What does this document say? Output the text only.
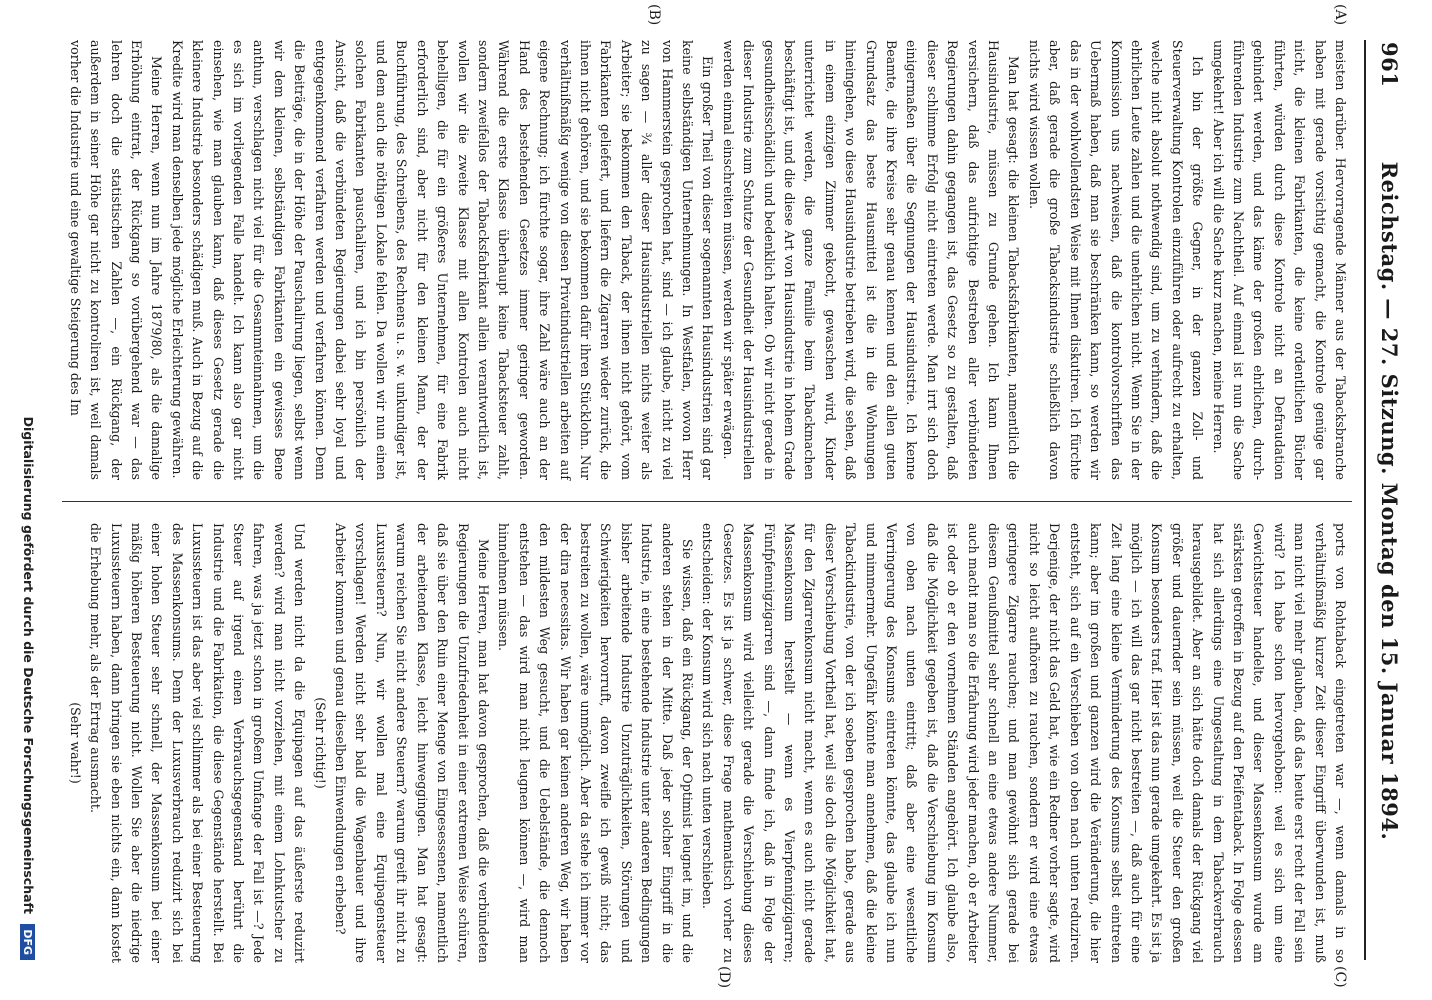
961
Reichstag. — 27. Sitzung. Montag den 15. Januar 1894.
(A)
(B)
(C)
(D)

meisten darüber. Hervorragende Männer aus der Tabacksbranche haben mit gerade vorsichtig gemacht, die Kontrole genüge gar nicht, die kleinen Fabrikanten, die keine ordentlichen Bücher führten, würden durch diese Kontrole nicht an Defraudation gehindert werden, und das käme der großen ehrlichen, durchführenden Industrie zum Nachtheil. Auf einmal ist nun die Sache umgekehrt! Aber ich will die Sache kurz machen, meine Herren.

Ich bin der größte Gegner, in der ganzen Zoll- und Steuerverwaltung Kontrolen einzuführen oder aufrecht zu erhalten, welche nicht absolut nothwendig sind, um zu verhindern, daß die ehrlichen Leute zahlen und die unehrlichen nicht. Wenn Sie in der Kommission uns nachweisen, daß die kontrolvorschriften das Uebermaß haben, daß man sie beschränken kann, so werden wir das in der wohlwollendsten Weise mit Ihnen diskutiren. Ich fürchte aber, daß gerade die große Tabacksindustrie schließlich davon nichts wird wissen wollen.

Man hat gesagt: die kleinen Tabacksfabrikanten, namentlich die Hausindustrie, müssen zu Grunde gehen. Ich kann Ihnen versichern, daß das aufrichtige Bestreben aller verbündeten Regierungen dahin gegangen ist, das Gesetz so zu gestalten, daß dieser schlimme Erfolg nicht eintreten werde. Man irrt sich doch einigermaßen über die Segnungen der Hausindustrie. Ich kenne Beamte, die ihre Kreise sehr genau kennen und den allen guten Grundsatz das beste Hausmittel ist die in die Wohnungen hineingehen, wo diese Hausindustrie betrieben wird, die sehen, daß in einem einzigen Zimmer gekocht, gewaschen wird, Kinder unterrichtet werden, die ganze Familie beim Tabackmachen beschäftigt ist, und die diese Art von Hausindustrie in hohem Grade gesundheitsschädlich und bedenklich halten. Ob wir nicht gerade in dieser Industrie zum Schutze der Gesundheit der Hausindustriellen werden einmal einschreiten müssen, werden wir später erwägen.

Ein großer Theil von dieser sogenannten Hausindustrien sind gar keine selbständigen Unternehmungen. In Westfalen, wovon Herr von Hammerstein gesprochen hat, sind — ich glaube, nicht zu viel zu sagen — ¾ aller dieser Hausindustriellen nichts weiter als Arbeiter; sie bekommen den Taback, der ihnen nicht gehört, vom Fabrikanten geliefert, und liefern die Zigarren wieder zurück, die ihnen nicht gehören, und sie bekommen dafür ihren Stücklohn. Nur verhältnißmäßig wenige von diesen Privatindustriellen arbeiten auf eigene Rechnung; ich fürchte sogar, ihre Zahl wäre auch an der Hand des bestehenden Gesetzes immer geringer geworden. Während die erste Klasse überhaupt keine Tabacksteuer zahlt, sondern zweifellos der Tabacksfabrikant allein verantwortlich ist, wollen wir die zweite Klasse mit allen Kontrolen auch nicht behelligen, die für ein größeres Unternehmen, für eine Fabrik erforderlich sind, aber nicht für den kleinen Mann, der der Buchführung, des Schreibens, des Rechnens u. s. w. unkundiger ist, und dem auch die nöthigen Lokale fehlen. Da wollen wir nun einen solchen Fabrikanten pauschaliren, und ich bin persönlich der Ansicht, daß die verbündeten Regierungen dabei sehr loyal und entgegenkommend verfahren werden und verfahren können. Denn die Beiträge, die in der Höhe der Pauschalirung liegen, selbst wenn wir dem kleinen, selbständigen Fabrikanten ein gewisses Bene anthun, verschlagen nicht viel für die Gesammteinnahmen, um die es sich im vorliegenden Falle handelt. Ich kann also gar nicht einsehen, wie man glauben kann, daß dieses Gesetz gerade die kleinere Industrie besonders schädigen muß. Auch in Bezug auf die Kredite wird man denselben jede mögliche Erleichterung gewähren.

Meine Herren, wenn nun im Jahre 1879/80, als die damalige Erhöhung eintrat, der Rückgang so vorübergehend war — das lehren doch die statistischen Zahlen —, ein Rückgang, der außerdem in seiner Höhe gar nicht zu kontroliren ist, weil damals vorher die Industrie und eine gewaltige Steigerung des Im

ports von Rohtaback eingetreten war —, wenn damals in so verhältnißmäßig kurzer Zeit dieser Eingriff überwunden ist, muß man nicht viel mehr glauben, daß das heute erst recht der Fall sein wird? Ich habe schon hervorgehoben: weil es sich um eine Gewichtsteuer handelte, und dieser Massenkonsum wurde am stärksten getroffen in Bezug auf den Pfeifentaback. In Folge dessen hat sich allerdings eine Umgestaltung in dem Tabackverbrauch herausgebildet. Aber an sich hätte doch damals der Rückgang viel größer und dauernder sein müssen, weil die Steuer den großen Konsum besonders traf. Hier ist das nun gerade umgekehrt. Es ist ja möglich — ich will das gar nicht bestreiten —, daß auch für eine Zeit lang eine kleine Verminderung des Konsums selbst eintreten kann; aber im großen und ganzen wird die Veränderung, die hier entsteht, sich auf ein Verschieben von oben nach unten reduziren. Derjenige, der nicht das Geld hat, wie ein Redner vorher sagte, wird nicht so leicht aufhören zu rauchen, sondern er wird eine etwas geringere Zigarre rauchen; und man gewöhnt sich gerade bei diesem Genußmittel sehr schnell an eine etwas andere Nummer, auch macht man so die Erfahrung wird jeder machen, ob er Arbeiter ist oder ob er den vornehmen Ständen angehört. Ich glaube also, daß die Möglichkeit gegeben ist, daß die Verschiebung im Konsum von oben nach unten eintritt; daß aber eine wesentliche Verringerung des Konsums eintreten könnte, das glaube ich nun und nimmermehr. Ungefähr könnte man annehmen, daß die kleine Tabackindustrie, von der ich soeben gesprochen habe, gerade aus dieser Verschiebung Vortheil hat, weil sie doch die Möglichkeit hat, für den Zigarrenkonsum nicht macht, wenn es auch nicht gerade Massenkonsum herstellt — wenn es Vierpfennigzigarren; Fünfpfennigzigarren sind —, dann finde ich, daß in Folge der Massenkonsum wird vielleicht gerade die Verschiebung dieses Gesetzes. Es ist ja schwer, diese Frage mathematisch vorher zu entscheiden: der Konsum wird sich nach unten verschieben.

Sie wissen, daß ein Rückgang, der Optimist leugnet im, und die anderen stehen in der Mitte. Daß jeder solcher Eingriff in die Industrie, in eine bestehende Industrie unter anderen Bedingungen bisher arbeitende Industrie Unzuträglichkeiten, Störungen und Schwierigkeiten hervorruft, davon zweifle ich gewiß nicht; das bestreiten zu wollen, wäre unmöglich. Aber da stehe ich immer vor der dira necessitas. Wir haben gar keinen anderen Weg, wir haben den mildesten Weg gesucht, und die Uebelstände, die dennoch entstehen — das wird man nicht leugnen können —, wird man hinnehmen müssen.

Meine Herren, man hat davon gesprochen, daß die verbündeten Regierungen die Unzufriedenheit in einer extremen Weise schüren, daß sie über den Ruin einer Menge von Eingesessenen, namentlich der arbeitenden Klasse, leicht hinweggingen. Man hat gesagt: warum reichen Sie nicht andere Steuern? warum greift ihr nicht zu Luxussteuern? Nun, wir wollen mal eine Equipagensteuer vorschlagen! Werden nicht sehr bald die Wagenbauer und ihre Arbeiter kommen und genau dieselben Einwendungen erheben?

(Sehr richtig!)

Und werden nicht da die Equipagen auf das äußerste reduzirt werden? wird man nicht vorziehen, mit einem Lohnkutscher zu fahren, was ja jetzt schon in großem Umfange der Fall ist —? Jede Steuer auf irgend einen Verbrauchsgegenstand berührt die Industrie und die Fabrikation, die diese Gegenstände herstellt. Bei Luxussteuern ist das aber viel schlimmer als bei einer Besteuerung des Massenkonsums. Denn der Luxusverbrauch reduzirt sich bei einer hohen Steuer sehr schnell, der Massenkonsum bei einer mäßig höheren Besteuerung nicht. Wollen Sie aber die niedrige Luxussteuern haben, dann bringen sie eben nichts ein, dann kostet die Erhebung mehr, als der Ertrag ausmacht.

(Sehr wahr!)

Digitalisierung gefördert durch die Deutsche Forschungsgemeinschaft DFG
